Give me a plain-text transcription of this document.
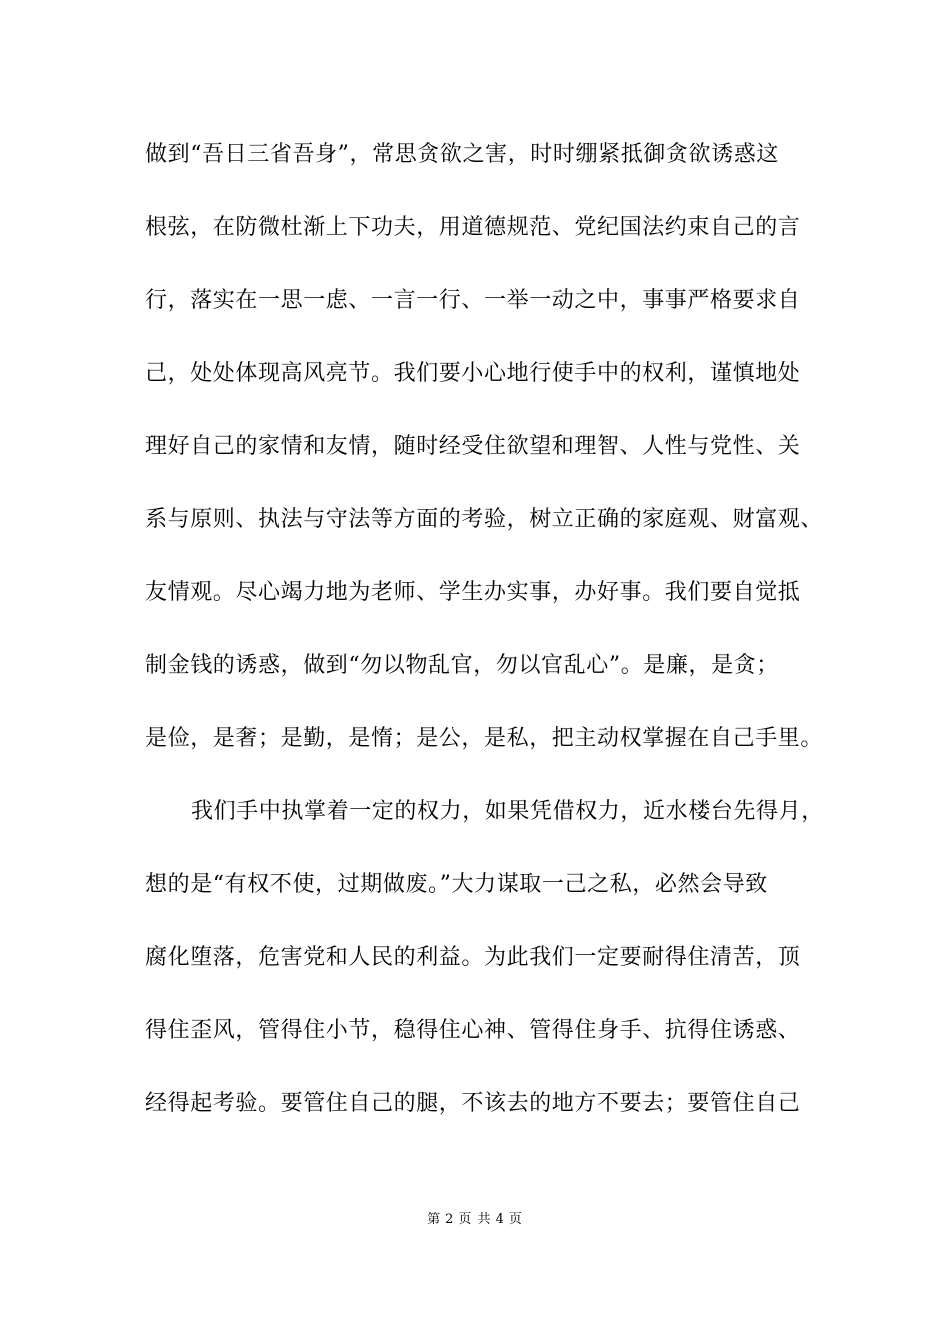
做到“吾日三省吾身”，常思贪欲之害，时时绷紧抵御贪欲诱惑这
根弦，在防微杜渐上下功夫，用道德规范、党纪国法约束自己的言
行，落实在一思一虑、一言一行、一举一动之中，事事严格要求自
己，处处体现高风亮节。我们要小心地行使手中的权利，谨慎地处
理好自己的家情和友情，随时经受住欲望和理智、人性与党性、关
系与原则、执法与守法等方面的考验，树立正确的家庭观、财富观、
友情观。尽心竭力地为老师、学生办实事，办好事。我们要自觉抵
制金钱的诱惑，做到“勿以物乱官，勿以官乱心”。是廉，是贪；
是俭，是奢；是勤，是惰；是公，是私，把主动权掌握在自己手里。
我们手中执掌着一定的权力，如果凭借权力，近水楼台先得月，
想的是“有权不使，过期做废。”大力谋取一己之私，必然会导致
腐化堕落，危害党和人民的利益。为此我们一定要耐得住清苦，顶
得住歪风，管得住小节，稳得住心神、管得住身手、抗得住诱惑、
经得起考验。要管住自己的腿，不该去的地方不要去；要管住自己
第 2 页 共 4 页
